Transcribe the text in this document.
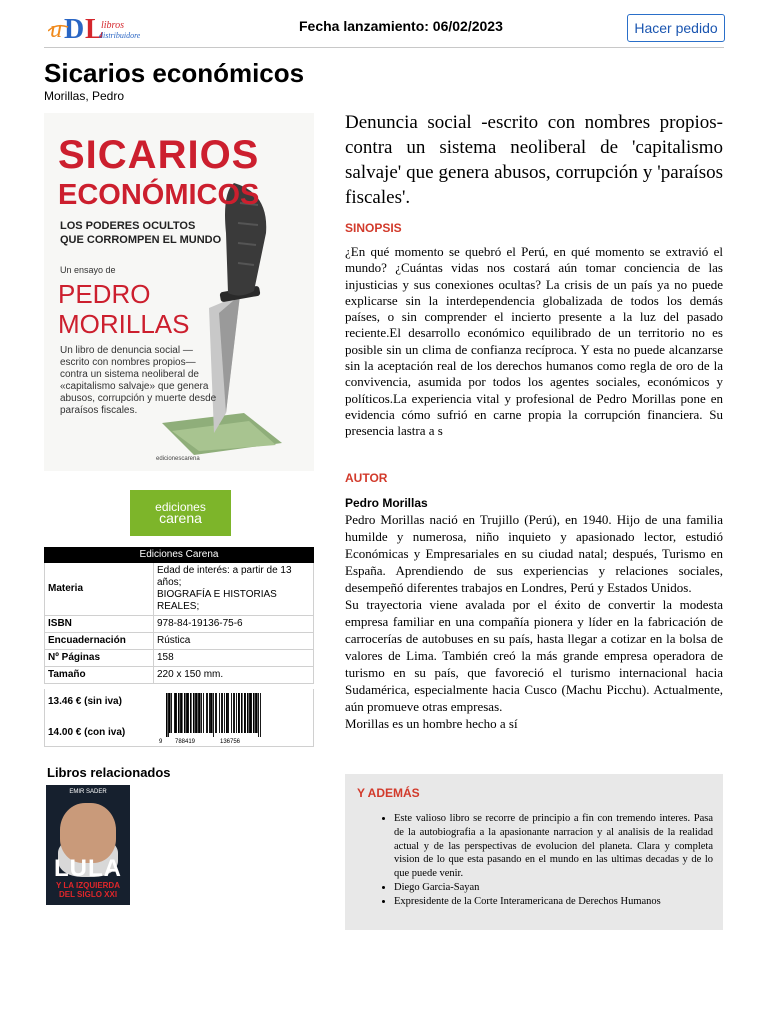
u D L
libros
distribuidores
Fecha lanzamiento: 06/02/2023	Hacer pedido
Sicarios económicos
Morillas, Pedro
SICARIOS
ECONÓMICOS
LOS PODERES OCULTOS
QUE CORROMPEN EL MUNDO
Un ensayo de
PEDRO
MORILLAS
Un libro de denuncia social —escrito con nombres propios— contra un sistema neoliberal de «capitalismo salvaje» que genera abusos, corrupción y muerte desde paraísos fiscales.
edicionescarena
ediciones
carena
Ediciones Carena	
Materia	Edad de interés: a partir de 13 años;
BIOGRAFÍA E HISTORIAS REALES;

ISBN	978-84-19136-75-6
Encuadernación	Rústica
Nº Páginas	158
Tamaño	220 x 150 mm.
13.46 € (sin iva)
14.00 € (con iva)
9 788419	136756
Libros relacionados
EMIR SADER
LULA
Y LA IZQUIERDA
DEL SIGLO XXI
Denuncia social -escrito con nombres propios- contra un sistema neoliberal de 'capitalismo salvaje' que genera abusos, corrupción y 'paraísos fiscales'.
SINOPSIS
¿En qué momento se quebró el Perú, en qué momento se extravió el mundo? ¿Cuántas vidas nos costará aún tomar conciencia de las injusticias y sus conexiones ocultas? La crisis de un país ya no puede explicarse sin la interdependencia globalizada de todos los demás países, o sin comprender el incierto presente a la luz del pasado reciente.El desarrollo económico equilibrado de un territorio no es posible sin un clima de confianza recíproca. Y esta no puede alcanzarse sin la aceptación real de los derechos humanos como regla de oro de la convivencia, asumida por todos los agentes sociales, económicos y políticos.La experiencia vital y profesional de Pedro Morillas pone en evidencia cómo sufrió en carne propia la corrupción financiera. Su presencia lastra a s
AUTOR
Pedro Morillas

Pedro Morillas nació en Trujillo (Perú), en 1940. Hijo de una familia humilde y numerosa, niño inquieto y apasionado lector, estudió Económicas y Empresariales en su ciudad natal; después, Turismo en España. Aprendiendo de sus experiencias y relaciones sociales, desempeñó diferentes trabajos en Londres, Perú y Estados Unidos.

Su trayectoria viene avalada por el éxito de convertir la modesta empresa familiar en una compañía pionera y líder en la fabricación de carrocerías de autobuses en su país, hasta llegar a cotizar en la bolsa de valores de Lima. También creó la más grande empresa operadora de turismo en su país, que favoreció el turismo internacional hacia Sudamérica, especialmente hacia Cusco (Machu Picchu). Actualmente, aún promueve otras empresas.

Morillas es un hombre hecho a sí

Y ADEMÁS
• Este valioso libro se recorre de principio a fin con tremendo interes. Pasa de la autobiografia a la apasionante narracion y al analisis de la realidad actual y de las perspectivas de evolucion del planeta. Clara y completa vision de lo que esta pasando en el mundo en las ultimas decadas y de lo que puede venir.
• Diego Garcia-Sayan
• Expresidente de la Corte Interamericana de Derechos Humanos
